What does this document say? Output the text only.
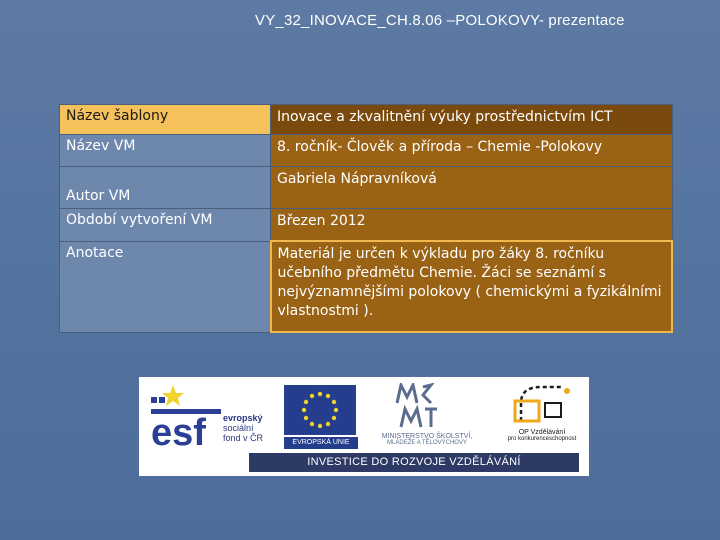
VY_32_INOVACE_CH.8.06 –POLOKOVY- prezentace
Název šablony	Inovace a zkvalitnění výuky prostřednictvím ICT
Název VM	8. ročník- Člověk a příroda – Chemie -Polokovy
Autor VM	Gabriela Nápravníková
Období vytvoření VM	Březen 2012
Anotace	Materiál je určen k výkladu pro žáky 8. ročníku učebního předmětu Chemie. Žáci se seznámí s nejvýznamnějšími polokovy ( chemickými a fyzikálními vlastnostmi ).
esf evropský
sociální
fond v ČR	EVROPSKÁ UNIE
MINISTERSTVO ŠKOLSTVÍ,
MLÁDEŽE A TĚLOVÝCHOVY
OP Vzdělávání
pro konkurenceschopnost
INVESTICE DO ROZVOJE VZDĚLÁVÁNÍ
